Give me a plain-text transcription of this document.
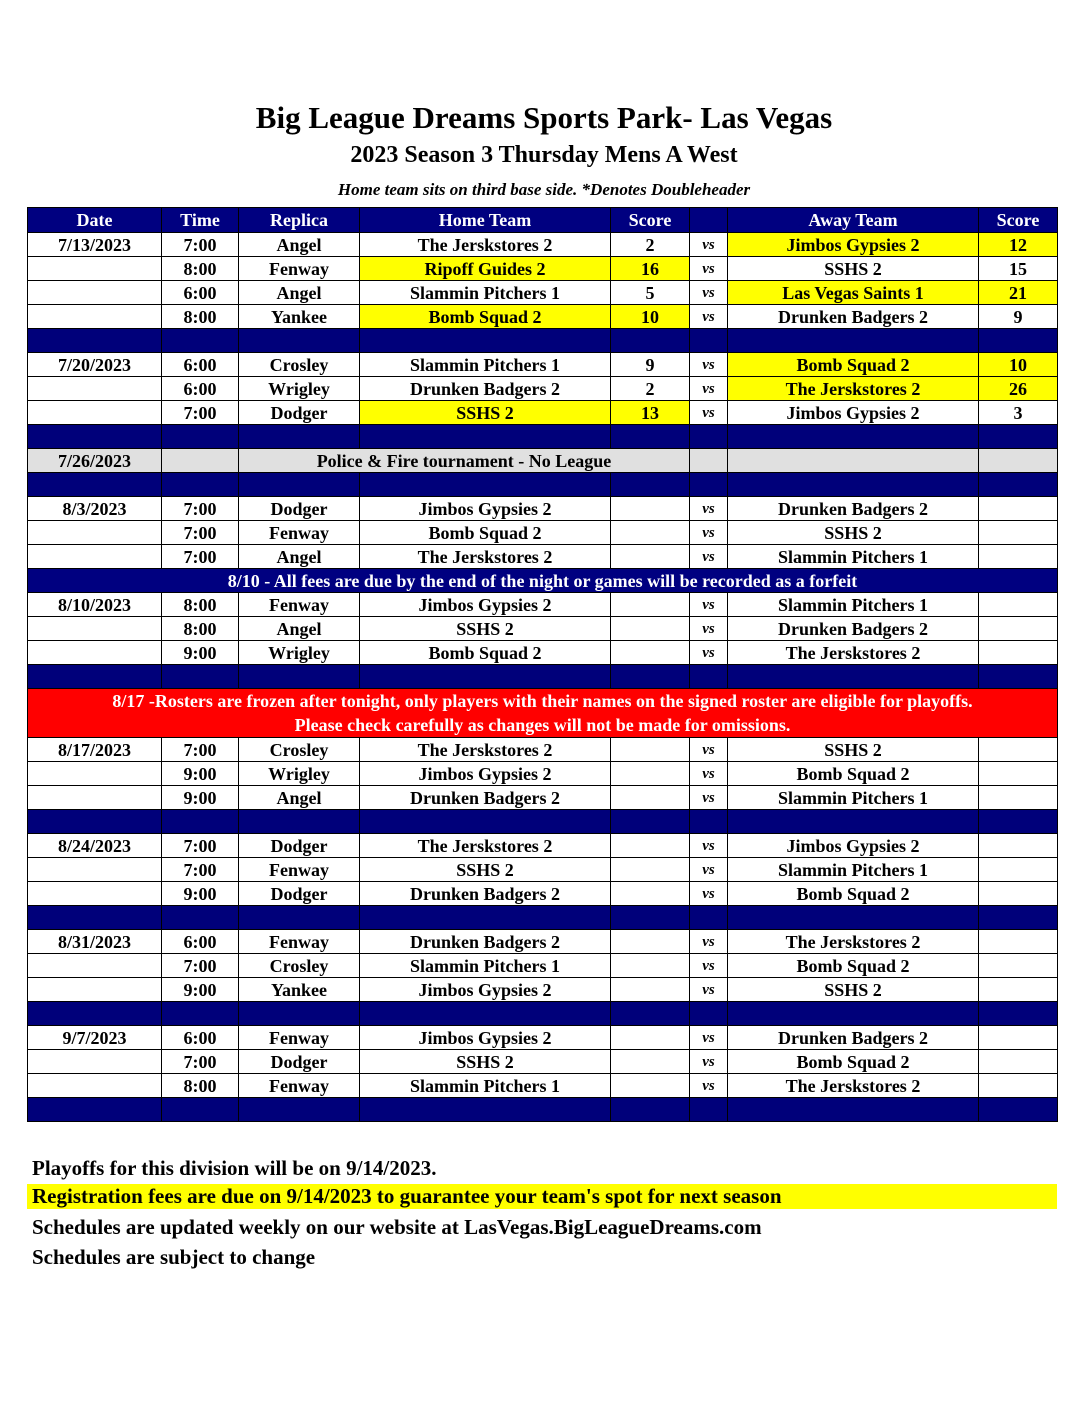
Big League Dreams Sports Park- Las Vegas
2023 Season 3 Thursday Mens A West
Home team sits on third base side. *Denotes Doubleheader
Date	Time	Replica	Home Team	Score		Away Team	Score
7/13/2023	7:00	Angel	The Jerskstores 2	2	vs	Jimbos Gypsies 2	12
	8:00	Fenway	Ripoff Guides 2	16	vs	SSHS 2	15
	6:00	Angel	Slammin Pitchers 1	5	vs	Las Vegas Saints 1	21
	8:00	Yankee	Bomb Squad 2	10	vs	Drunken Badgers 2	9

7/20/2023	6:00	Crosley	Slammin Pitchers 1	9	vs	Bomb Squad 2	10
	6:00	Wrigley	Drunken Badgers 2	2	vs	The Jerskstores 2	26
	7:00	Dodger	SSHS 2	13	vs	Jimbos Gypsies 2	3

7/26/2023		Police & Fire tournament - No League					

8/3/2023	7:00	Dodger	Jimbos Gypsies 2		vs	Drunken Badgers 2	
	7:00	Fenway	Bomb Squad 2		vs	SSHS 2	
	7:00	Angel	The Jerskstores 2		vs	Slammin Pitchers 1	
8/10 - All fees are due by the end of the night or games will be recorded as a forfeit							
8/10/2023	8:00	Fenway	Jimbos Gypsies 2		vs	Slammin Pitchers 1	
	8:00	Angel	SSHS 2		vs	Drunken Badgers 2	
	9:00	Wrigley	Bomb Squad 2		vs	The Jerskstores 2	

8/17 -Rosters are frozen after tonight, only players with their names on the signed roster are eligible for playoffs.
Please check carefully as changes will not be made for omissions.							

8/17/2023	7:00	Crosley	The Jerskstores 2		vs	SSHS 2	
	9:00	Wrigley	Jimbos Gypsies 2		vs	Bomb Squad 2	
	9:00	Angel	Drunken Badgers 2		vs	Slammin Pitchers 1	

8/24/2023	7:00	Dodger	The Jerskstores 2		vs	Jimbos Gypsies 2	
	7:00	Fenway	SSHS 2		vs	Slammin Pitchers 1	
	9:00	Dodger	Drunken Badgers 2		vs	Bomb Squad 2	

8/31/2023	6:00	Fenway	Drunken Badgers 2		vs	The Jerskstores 2	
	7:00	Crosley	Slammin Pitchers 1		vs	Bomb Squad 2	
	9:00	Yankee	Jimbos Gypsies 2		vs	SSHS 2	

9/7/2023	6:00	Fenway	Jimbos Gypsies 2		vs	Drunken Badgers 2	
	7:00	Dodger	SSHS 2		vs	Bomb Squad 2	
	8:00	Fenway	Slammin Pitchers 1		vs	The Jerskstores 2	

Playoffs for this division will be on 9/14/2023.
Registration fees are due on 9/14/2023 to guarantee your team's spot for next season
Schedules are updated weekly on our website at LasVegas.BigLeagueDreams.com
Schedules are subject to change
